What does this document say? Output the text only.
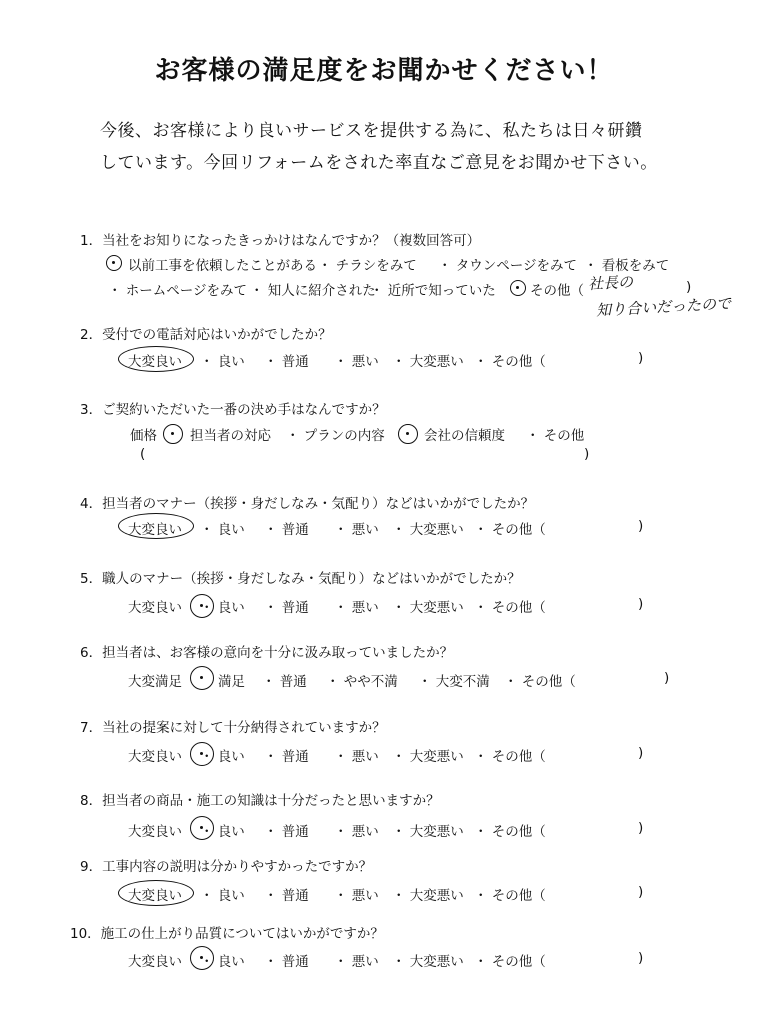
お客様の満足度をお聞かせください！
今後、お客様により良いサービスを提供する為に、私たちは日々研鑽
しています。今回リフォームをされた率直なご意見をお聞かせ下さい。
1．当社をお知りになったきっかけはなんですか？（複数回答可）
以前工事を依頼したことがある ・ チラシをみて ・ タウンページをみて ・ 看板をみて
・ ホームページをみて ・ 知人に紹介された
・ 近所で知っていた	その他（	)
社長の
知り合いだったので
2．受付での電話対応はいかがでしたか？
大変良い ・ 良い ・ 普通 ・ 悪い ・ 大変悪い ・ その他（	)
3．ご契約いただいた一番の決め手はなんですか？
価格 担当者の対応 ・ プランの内容	会社の信頼度 ・ その他
(	)
4．担当者のマナー（挨拶・身だしなみ・気配り）などはいかがでしたか？
大変良い ・ 良い ・ 普通 ・ 悪い ・ 大変悪い ・ その他（	)
5．職人のマナー（挨拶・身だしなみ・気配り）などはいかがでしたか？
大変良い ・ 良い ・ 普通 ・ 悪い ・ 大変悪い ・ その他（	)
6．担当者は、お客様の意向を十分に汲み取っていましたか？
大変満足	満足 ・ 普通 ・ やや不満 ・ 大変不満 ・ その他（	)
7．当社の提案に対して十分納得されていますか？
大変良い ・ 良い ・ 普通 ・ 悪い ・ 大変悪い ・ その他（	)
8．担当者の商品・施工の知識は十分だったと思いますか？
大変良い ・ 良い ・ 普通 ・ 悪い ・ 大変悪い ・ その他（	)
9．工事内容の説明は分かりやすかったですか？
大変良い ・ 良い ・ 普通 ・ 悪い ・ 大変悪い ・ その他（	)
10．施工の仕上がり品質についてはいかがですか？
大変良い ・ 良い ・ 普通 ・ 悪い ・ 大変悪い ・ その他（	)
